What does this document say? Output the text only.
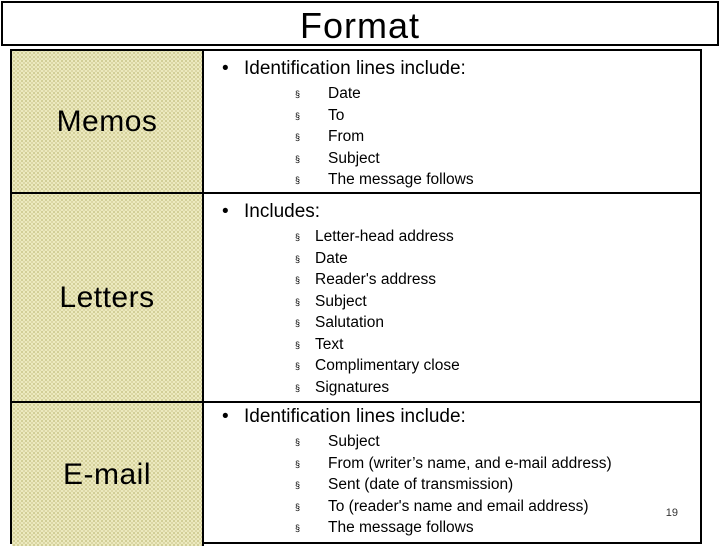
Format
Memos
• Identification lines include:
§ Date
§ To
§ From
§ Subject
§ The message follows
Letters
• Includes:
§ Letter-head address
§ Date
§ Reader's address
§ Subject
§ Salutation
§ Text
§ Complimentary close
§ Signatures
E-mail
• Identification lines include:
§ Subject
§ From (writer’s name, and e-mail address)
§ Sent (date of transmission)
§ To (reader's name and email address)
§ The message follows
19
